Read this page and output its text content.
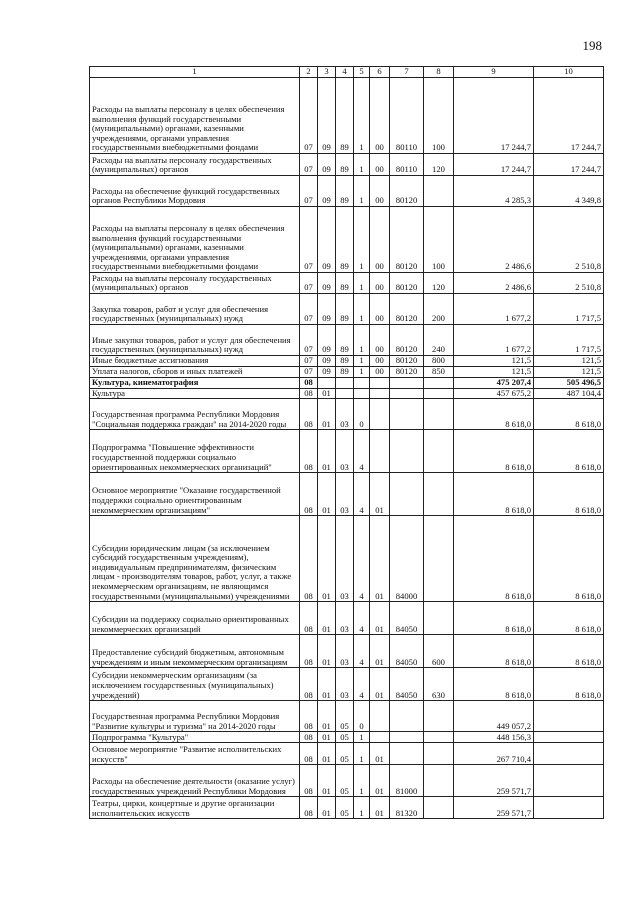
198
1	2	3	4	5	6	7	8	9	10
Расходы на выплаты персоналу в целях обеспечения выполнения функций государственными (муниципальными) органами, казенными учреждениями, органами управления государственными внебюджетными фондами	07	09	89	1	00	80110	100	17 244,7	17 244,7
Расходы на выплаты персоналу государственных (муниципальных) органов	07	09	89	1	00	80110	120	17 244,7	17 244,7
Расходы на обеспечение функций государственных органов Республики Мордовия	07	09	89	1	00	80120		4 285,3	4 349,8
Расходы на выплаты персоналу в целях обеспечения выполнения функций государственными (муниципальными) органами, казенными учреждениями, органами управления государственными внебюджетными фондами	07	09	89	1	00	80120	100	2 486,6	2 510,8
Расходы на выплаты персоналу государственных (муниципальных) органов	07	09	89	1	00	80120	120	2 486,6	2 510,8
Закупка товаров, работ и услуг для обеспечения государственных (муниципальных) нужд	07	09	89	1	00	80120	200	1 677,2	1 717,5
Иные закупки товаров, работ и услуг для обеспечения государственных (муниципальных) нужд	07	09	89	1	00	80120	240	1 677,2	1 717,5
Иные бюджетные ассигнования	07	09	89	1	00	80120	800	121,5	121,5
Уплата налогов, сборов и иных платежей	07	09	89	1	00	80120	850	121,5	121,5
Культура, кинематография	08							475 207,4	505 496,5
Культура	08	01						457 675,2	487 104,4
Государственная программа Республики Мордовия "Социальная поддержка граждан" на 2014-2020 годы	08	01	03	0				8 618,0	8 618,0
Подпрограмма "Повышение эффективности государственной поддержки социально ориентированных некоммерческих организаций"	08	01	03	4				8 618,0	8 618,0
Основное мероприятие "Оказание государственной поддержки социально ориентированным некоммерческим организациям"	08	01	03	4	01			8 618,0	8 618,0
Субсидии юридическим лицам (за исключением субсидий государственным учреждениям), индивидуальным предпринимателям, физическим лицам - производителям товаров, работ, услуг, а также некоммерческим организациям, не являющимся государственными (муниципальными) учреждениями	08	01	03	4	01	84000		8 618,0	8 618,0
Субсидии на поддержку социально ориентированных некоммерческих организаций	08	01	03	4	01	84050		8 618,0	8 618,0
Предоставление субсидий бюджетным, автономным учреждениям и иным некоммерческим организациям	08	01	03	4	01	84050	600	8 618,0	8 618,0
Субсидии некоммерческим организациям (за исключением государственных (муниципальных) учреждений)	08	01	03	4	01	84050	630	8 618,0	8 618,0
Государственная программа Республики Мордовия "Развитие культуры и туризма" на 2014-2020 годы	08	01	05	0				449 057,2	
Подпрограмма "Культура"	08	01	05	1				448 156,3	
Основное мероприятие "Развитие исполнительских искусств"	08	01	05	1	01			267 710,4	
Расходы на обеспечение деятельности (оказание услуг) государственных учреждений Республики Мордовия	08	01	05	1	01	81000		259 571,7	
Театры, цирки, концертные и другие организации исполнительских искусств	08	01	05	1	01	81320		259 571,7	
